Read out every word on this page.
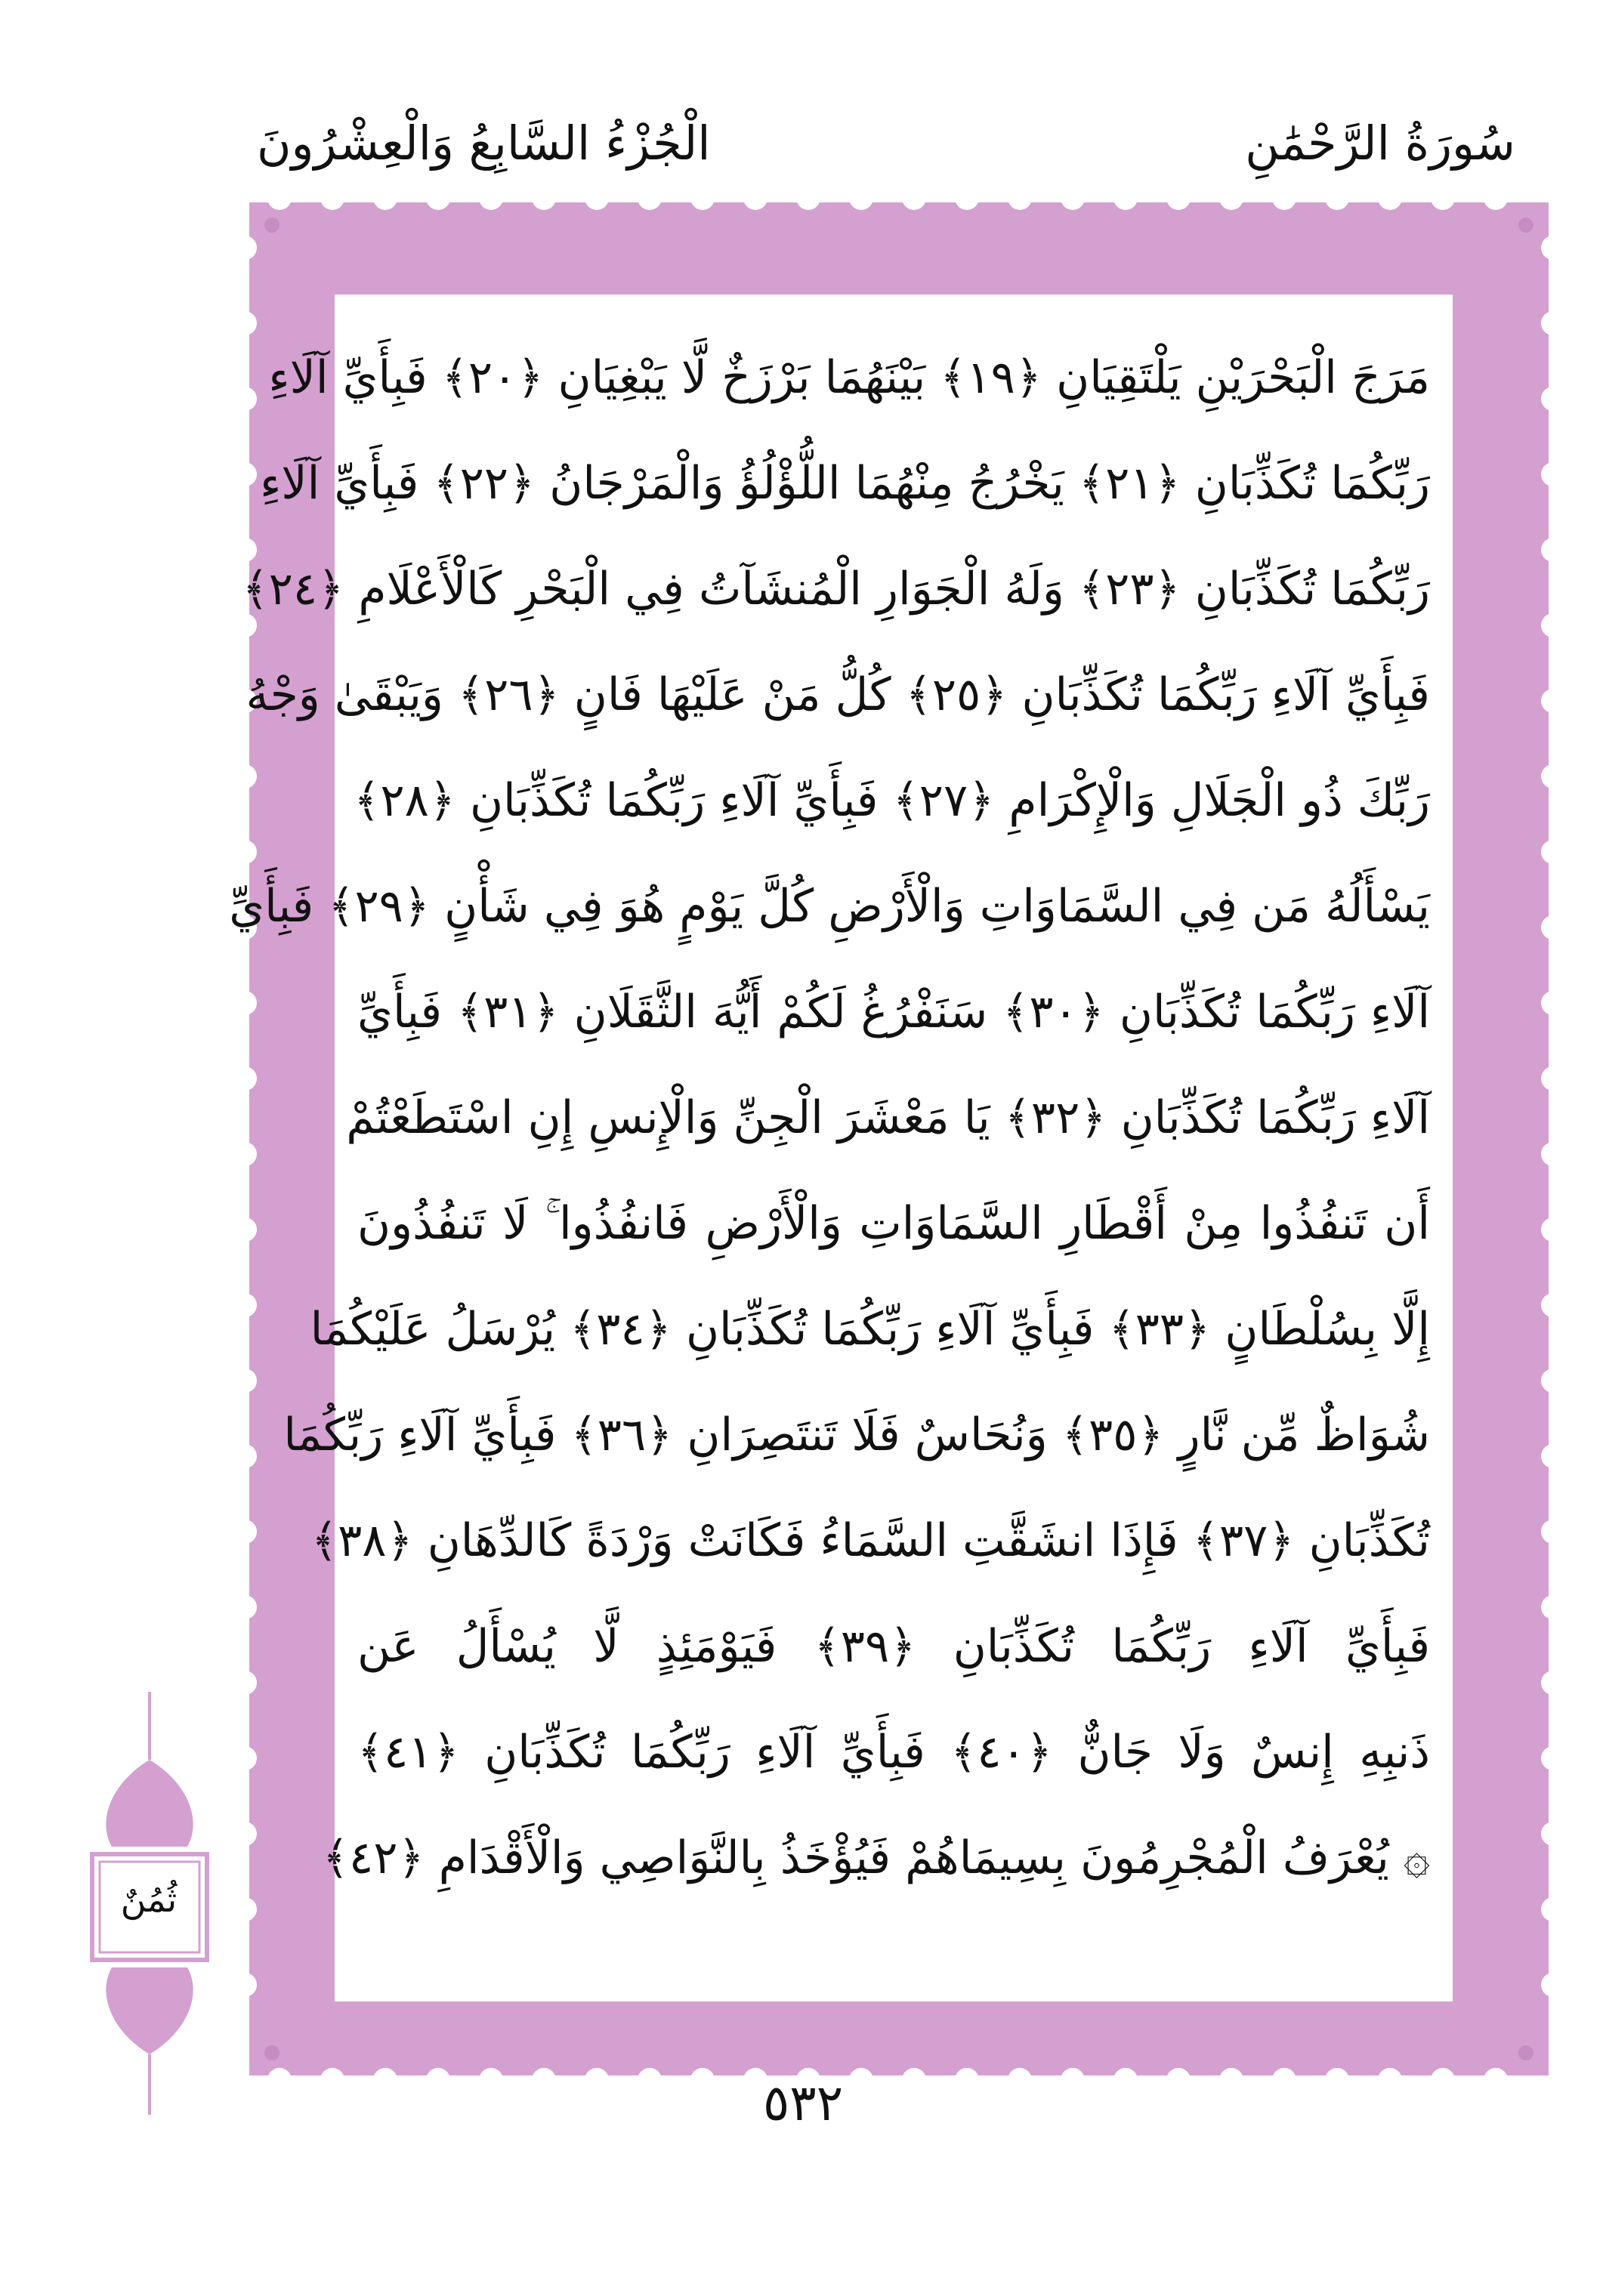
الْجُزْءُ السَّابِعُ وَالْعِشْرُونَ	سُورَةُ الرَّحْمَٰنِ
مَرَجَ الْبَحْرَيْنِ يَلْتَقِيَانِ ﴿١٩﴾ بَيْنَهُمَا بَرْزَخٌ لَّا يَبْغِيَانِ ﴿٢٠﴾ فَبِأَيِّ آلَاءِ
رَبِّكُمَا تُكَذِّبَانِ ﴿٢١﴾ يَخْرُجُ مِنْهُمَا اللُّؤْلُؤُ وَالْمَرْجَانُ ﴿٢٢﴾ فَبِأَيِّ آلَاءِ
رَبِّكُمَا تُكَذِّبَانِ ﴿٢٣﴾ وَلَهُ الْجَوَارِ الْمُنشَآتُ فِي الْبَحْرِ كَالْأَعْلَامِ ﴿٢٤﴾
فَبِأَيِّ آلَاءِ رَبِّكُمَا تُكَذِّبَانِ ﴿٢٥﴾ كُلُّ مَنْ عَلَيْهَا فَانٍ ﴿٢٦﴾ وَيَبْقَىٰ وَجْهُ
رَبِّكَ ذُو الْجَلَالِ وَالْإِكْرَامِ ﴿٢٧﴾ فَبِأَيِّ آلَاءِ رَبِّكُمَا تُكَذِّبَانِ ﴿٢٨﴾
يَسْأَلُهُ مَن فِي السَّمَاوَاتِ وَالْأَرْضِ كُلَّ يَوْمٍ هُوَ فِي شَأْنٍ ﴿٢٩﴾ فَبِأَيِّ
آلَاءِ رَبِّكُمَا تُكَذِّبَانِ ﴿٣٠﴾ سَنَفْرُغُ لَكُمْ أَيُّهَ الثَّقَلَانِ ﴿٣١﴾ فَبِأَيِّ
آلَاءِ رَبِّكُمَا تُكَذِّبَانِ ﴿٣٢﴾ يَا مَعْشَرَ الْجِنِّ وَالْإِنسِ إِنِ اسْتَطَعْتُمْ
أَن تَنفُذُوا مِنْ أَقْطَارِ السَّمَاوَاتِ وَالْأَرْضِ فَانفُذُوا ۚ لَا تَنفُذُونَ
إِلَّا بِسُلْطَانٍ ﴿٣٣﴾ فَبِأَيِّ آلَاءِ رَبِّكُمَا تُكَذِّبَانِ ﴿٣٤﴾ يُرْسَلُ عَلَيْكُمَا
شُوَاظٌ مِّن نَّارٍ ﴿٣٥﴾ وَنُحَاسٌ فَلَا تَنتَصِرَانِ ﴿٣٦﴾ فَبِأَيِّ آلَاءِ رَبِّكُمَا
تُكَذِّبَانِ ﴿٣٧﴾ فَإِذَا انشَقَّتِ السَّمَاءُ فَكَانَتْ وَرْدَةً كَالدِّهَانِ ﴿٣٨﴾
فَبِأَيِّ آلَاءِ رَبِّكُمَا تُكَذِّبَانِ ﴿٣٩﴾ فَيَوْمَئِذٍ لَّا يُسْأَلُ عَن
ذَنبِهِ إِنسٌ وَلَا جَانٌّ ﴿٤٠﴾ فَبِأَيِّ آلَاءِ رَبِّكُمَا تُكَذِّبَانِ ﴿٤١﴾
۞ يُعْرَفُ الْمُجْرِمُونَ بِسِيمَاهُمْ فَيُؤْخَذُ بِالنَّوَاصِي وَالْأَقْدَامِ ﴿٤٢﴾
ثُمُنٌ
٥٣٢
